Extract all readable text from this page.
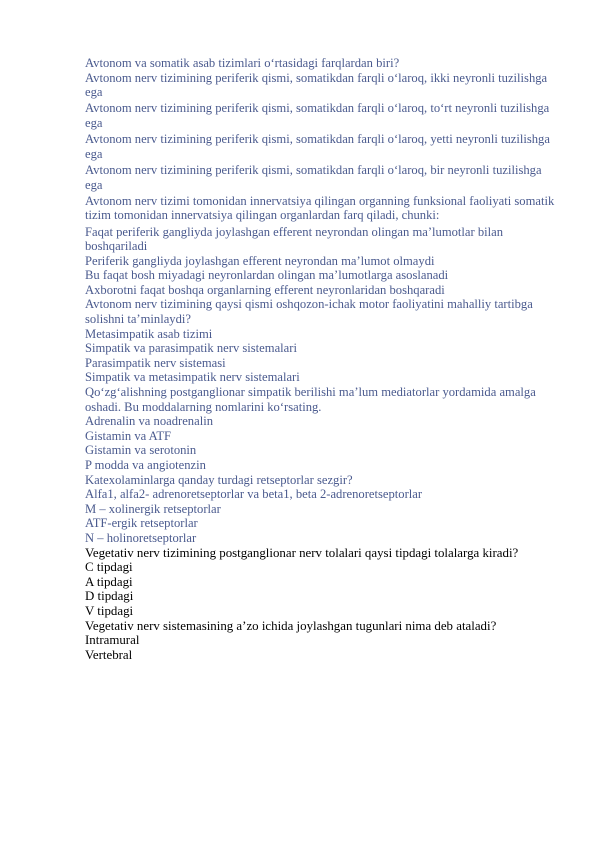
Avtonom va somatik asab tizimlari o‘rtasidagi farqlardan biri?

Avtonom nerv tizimining periferik qismi, somatikdan farqli o‘laroq, ikki neyronli tuzilishga ega

Avtonom nerv tizimining periferik qismi, somatikdan farqli o‘laroq, to‘rt neyronli tuzilishga ega

Avtonom nerv tizimining periferik qismi, somatikdan farqli o‘laroq, yetti neyronli tuzilishga ega

Avtonom nerv tizimining periferik qismi, somatikdan farqli o‘laroq, bir neyronli tuzilishga ega

Avtonom nerv tizimi tomonidan innervatsiya qilingan organning funksional faoliyati somatik tizim tomonidan innervatsiya qilingan organlardan farq qiladi, chunki:

Faqat periferik gangliyda joylashgan efferent neyrondan olingan ma’lumotlar bilan boshqariladi

Periferik gangliyda joylashgan efferent neyrondan ma’lumot olmaydi

Bu faqat bosh miyadagi neyronlardan olingan ma’lumotlarga asoslanadi

Axborotni faqat boshqa organlarning efferent neyronlaridan boshqaradi

Avtonom nerv tizimining qaysi qismi oshqozon-ichak motor faoliyatini mahalliy tartibga solishni ta’minlaydi?

Metasimpatik asab tizimi

Simpatik va parasimpatik nerv sistemalari

Parasimpatik nerv sistemasi

Simpatik va metasimpatik nerv sistemalari

Qo‘zg‘alishning postganglionar simpatik berilishi ma’lum mediatorlar yordamida amalga oshadi. Bu moddalarning nomlarini ko‘rsating.

Adrenalin va noadrenalin

Gistamin va ATF

Gistamin va serotonin

P modda va angiotenzin

Katexolaminlarga qanday turdagi retseptorlar sezgir?

Alfa1, alfa2- adrenoretseptorlar va beta1, beta 2-adrenoretseptorlar

M – xolinergik retseptorlar

ATF-ergik retseptorlar

N – holinoretseptorlar

Vegetativ nerv tizimining postganglionar nerv tolalari qaysi tipdagi tolalarga kiradi?

C tipdagi

A tipdagi

D tipdagi

V tipdagi

Vegetativ nerv sistemasining a’zo ichida joylashgan tugunlari nima deb ataladi?

Intramural

Vertebral
